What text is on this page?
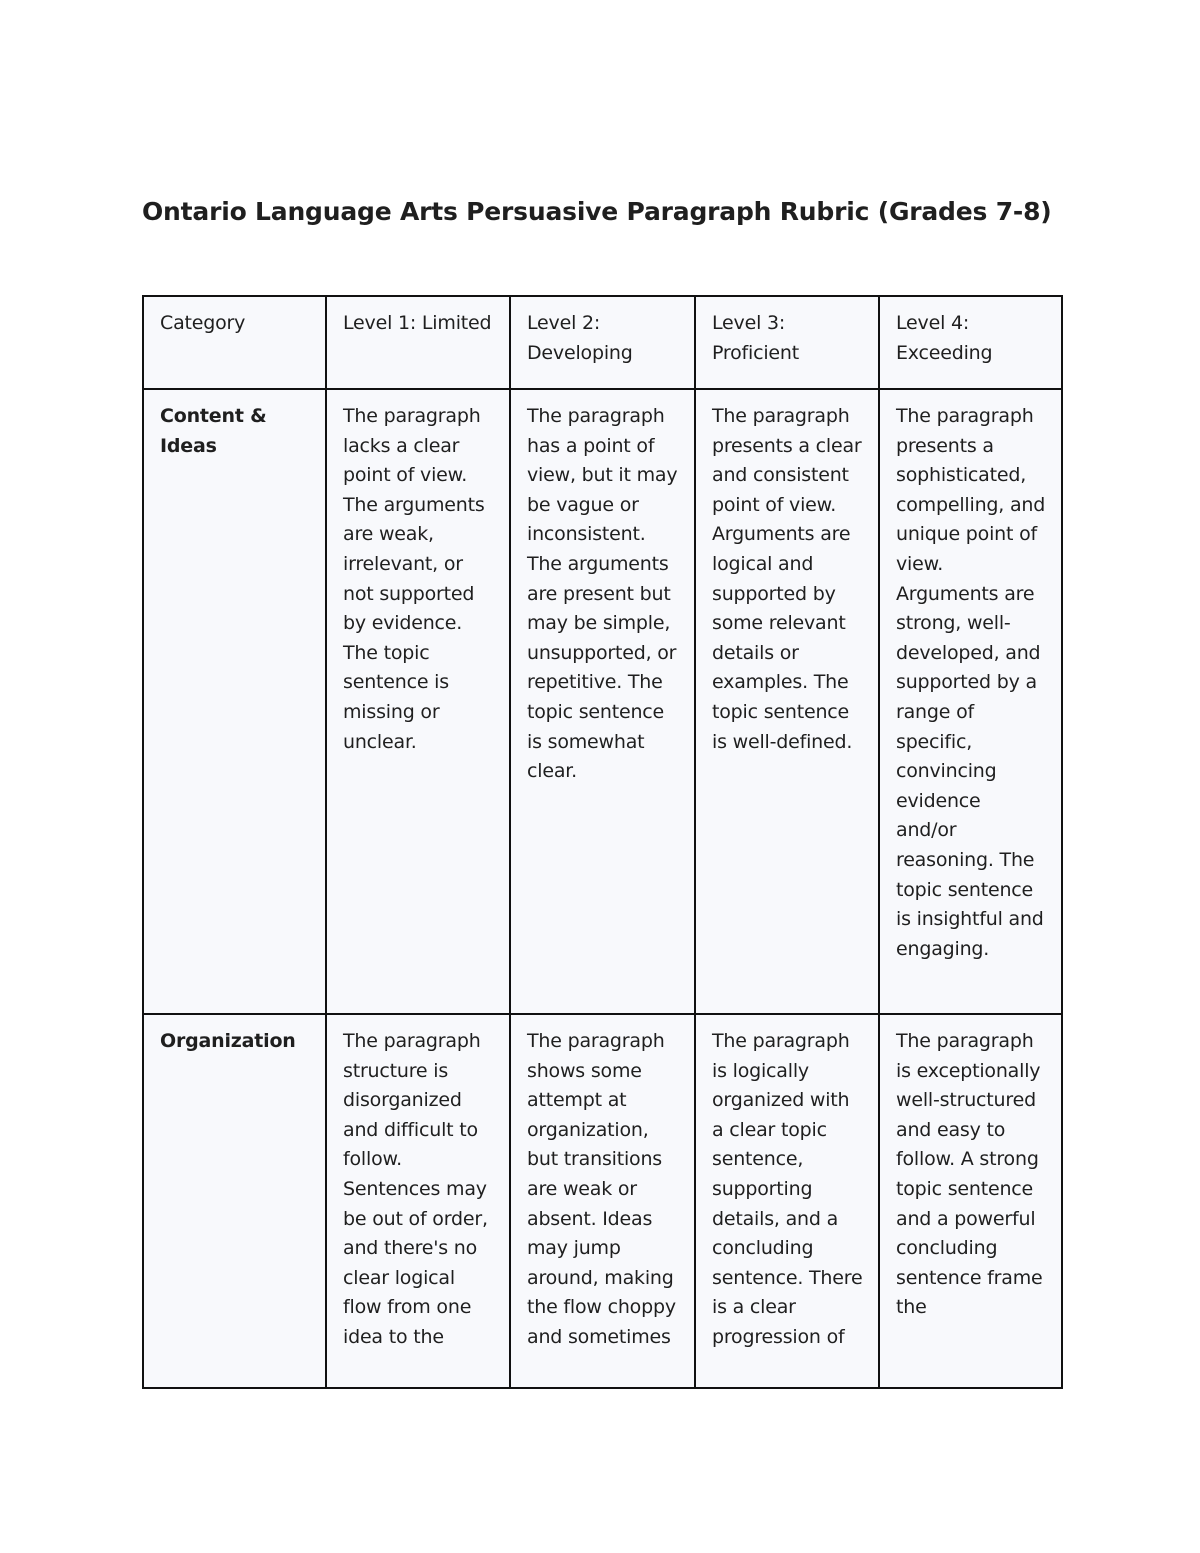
Ontario Language Arts Persuasive Paragraph Rubric (Grades 7-8)
Category	Level 1: Limited	Level 2: Developing	Level 3: Proficient	Level 4: Exceeding
Content & Ideas	The paragraph lacks a clear point of view. The arguments are weak, irrelevant, or not supported by evidence. The topic sentence is missing or unclear.	The paragraph has a point of view, but it may be vague or inconsistent. The arguments are present but may be simple, unsupported, or repetitive. The topic sentence is somewhat clear.	The paragraph presents a clear and consistent point of view. Arguments are logical and supported by some relevant details or examples. The topic sentence is well-defined.	The paragraph presents a sophisticated, compelling, and unique point of view. Arguments are strong, well-developed, and supported by a range of specific, convincing evidence and/or reasoning. The topic sentence is insightful and engaging.
Organization	The paragraph structure is disorganized and difficult to follow. Sentences may be out of order, and there's no clear logical flow from one idea to the	The paragraph shows some attempt at organization, but transitions are weak or absent. Ideas may jump around, making the flow choppy and sometimes	The paragraph is logically organized with a clear topic sentence, supporting details, and a concluding sentence. There is a clear progression of	The paragraph is exceptionally well-structured and easy to follow. A strong topic sentence and a powerful concluding sentence frame the
